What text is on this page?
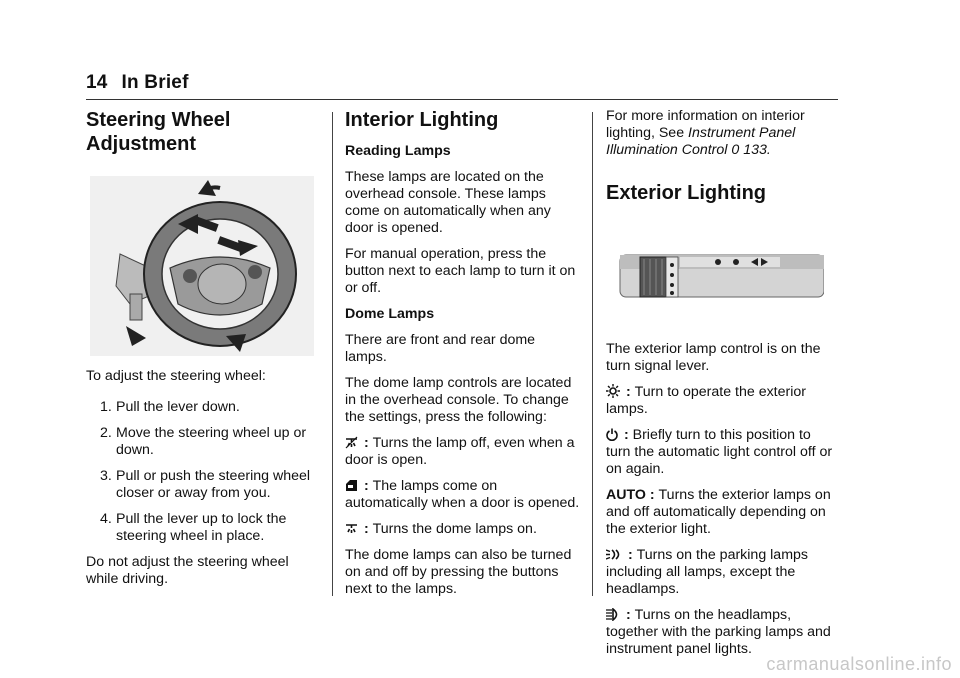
14 In Brief
Steering Wheel
Adjustment

To adjust the steering wheel:

1. Pull the lever down.
2. Move the steering wheel up or down.
3. Pull or push the steering wheel closer or away from you.
4. Pull the lever up to lock the steering wheel in place.

Do not adjust the steering wheel while driving.

Interior Lighting
Reading Lamps

These lamps are located on the overhead console. These lamps come on automatically when any door is opened.

For manual operation, press the button next to each lamp to turn it on or off.

Dome Lamps

There are front and rear dome lamps.

The dome lamp controls are located in the overhead console. To change the settings, press the following:

: Turns the lamp off, even when a door is open.

: The lamps come on automatically when a door is opened.

: Turns the dome lamps on.

The dome lamps can also be turned on and off by pressing the buttons next to the lamps.

For more information on interior lighting, See Instrument Panel Illumination Control 0 133.

Exterior Lighting

The exterior lamp control is on the turn signal lever.

: Turn to operate the exterior lamps.

: Briefly turn to this position to turn the automatic light control off or on again.

AUTO : Turns the exterior lamps on and off automatically depending on the exterior light.

: Turns on the parking lamps including all lamps, except the headlamps.

: Turns on the headlamps, together with the parking lamps and instrument panel lights.

carmanualsonline.info
